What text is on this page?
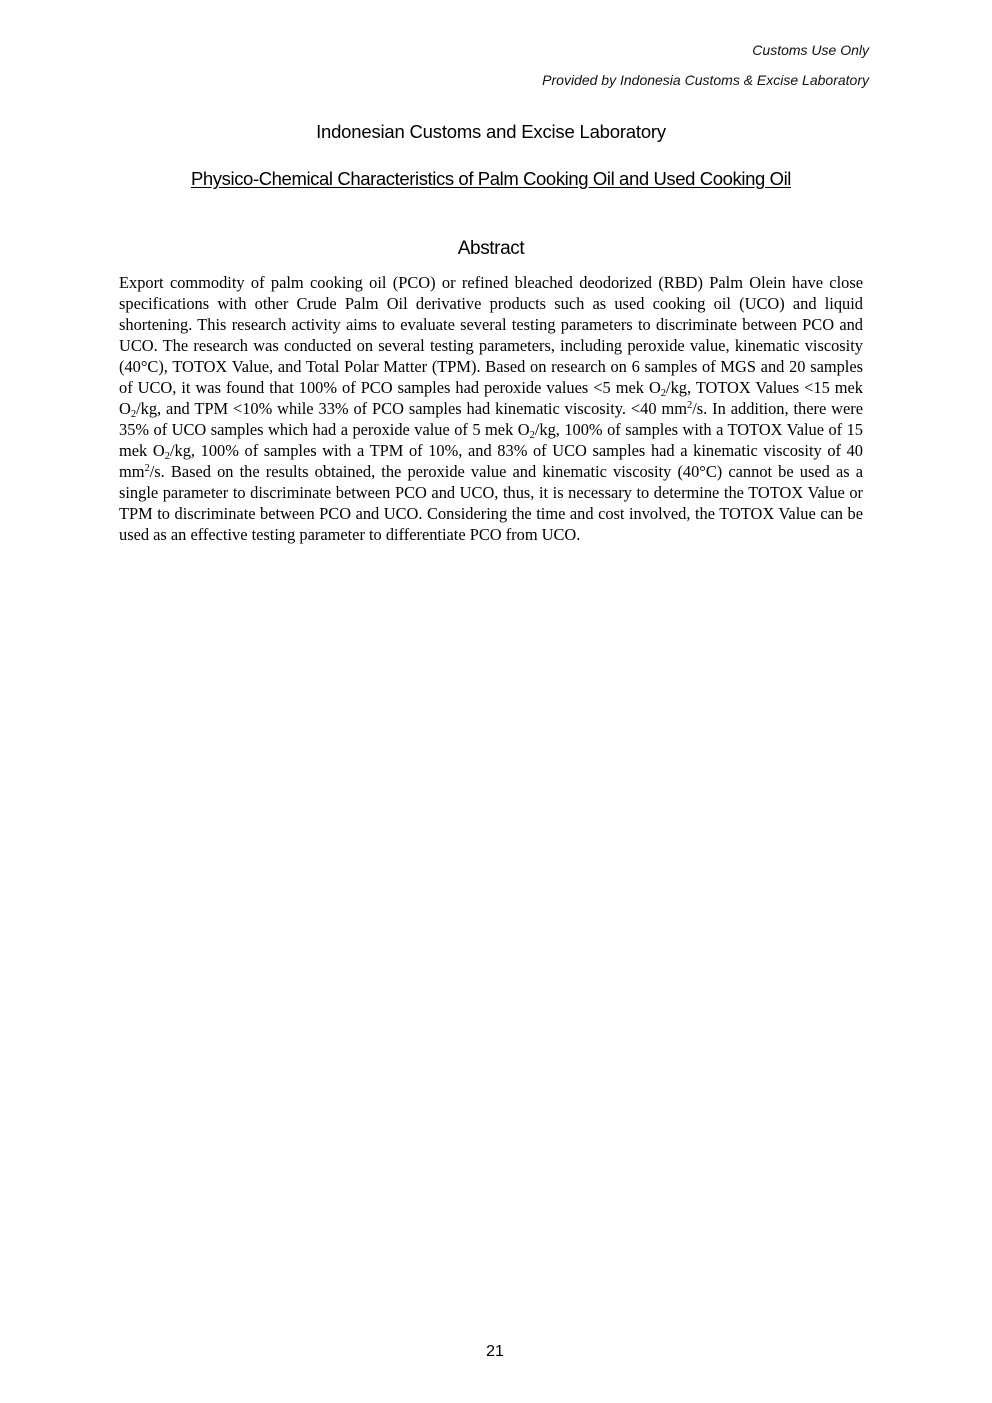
Customs Use Only
Provided by Indonesia Customs & Excise Laboratory
Indonesian Customs and Excise Laboratory
Physico-Chemical Characteristics of Palm Cooking Oil and Used Cooking Oil
Abstract

Export commodity of palm cooking oil (PCO) or refined bleached deodorized (RBD) Palm Olein have close specifications with other Crude Palm Oil derivative products such as used cooking oil (UCO) and liquid shortening. This research activity aims to evaluate several testing parameters to discriminate between PCO and UCO. The research was conducted on several testing parameters, including peroxide value, kinematic viscosity (40°C), TOTOX Value, and Total Polar Matter (TPM). Based on research on 6 samples of MGS and 20 samples of UCO, it was found that 100% of PCO samples had peroxide values <5 mek $O_2/kg$, TOTOX Values <15 mek $O_2/kg$, and TPM <10% while 33% of PCO samples had kinematic viscosity. <40 $mm^2/s$. In addition, there were 35% of UCO samples which had a peroxide value of 5 mek $O_2/kg$, 100% of samples with a TOTOX Value of 15 mek $O_2/kg$, 100% of samples with a TPM of 10%, and 83% of UCO samples had a kinematic viscosity of 40 $mm^2/s$. Based on the results obtained, the peroxide value and kinematic viscosity (40°C) cannot be used as a single parameter to discriminate between PCO and UCO, thus, it is necessary to determine the TOTOX Value or TPM to discriminate between PCO and UCO. Considering the time and cost involved, the TOTOX Value can be used as an effective testing parameter to differentiate PCO from UCO.

21
